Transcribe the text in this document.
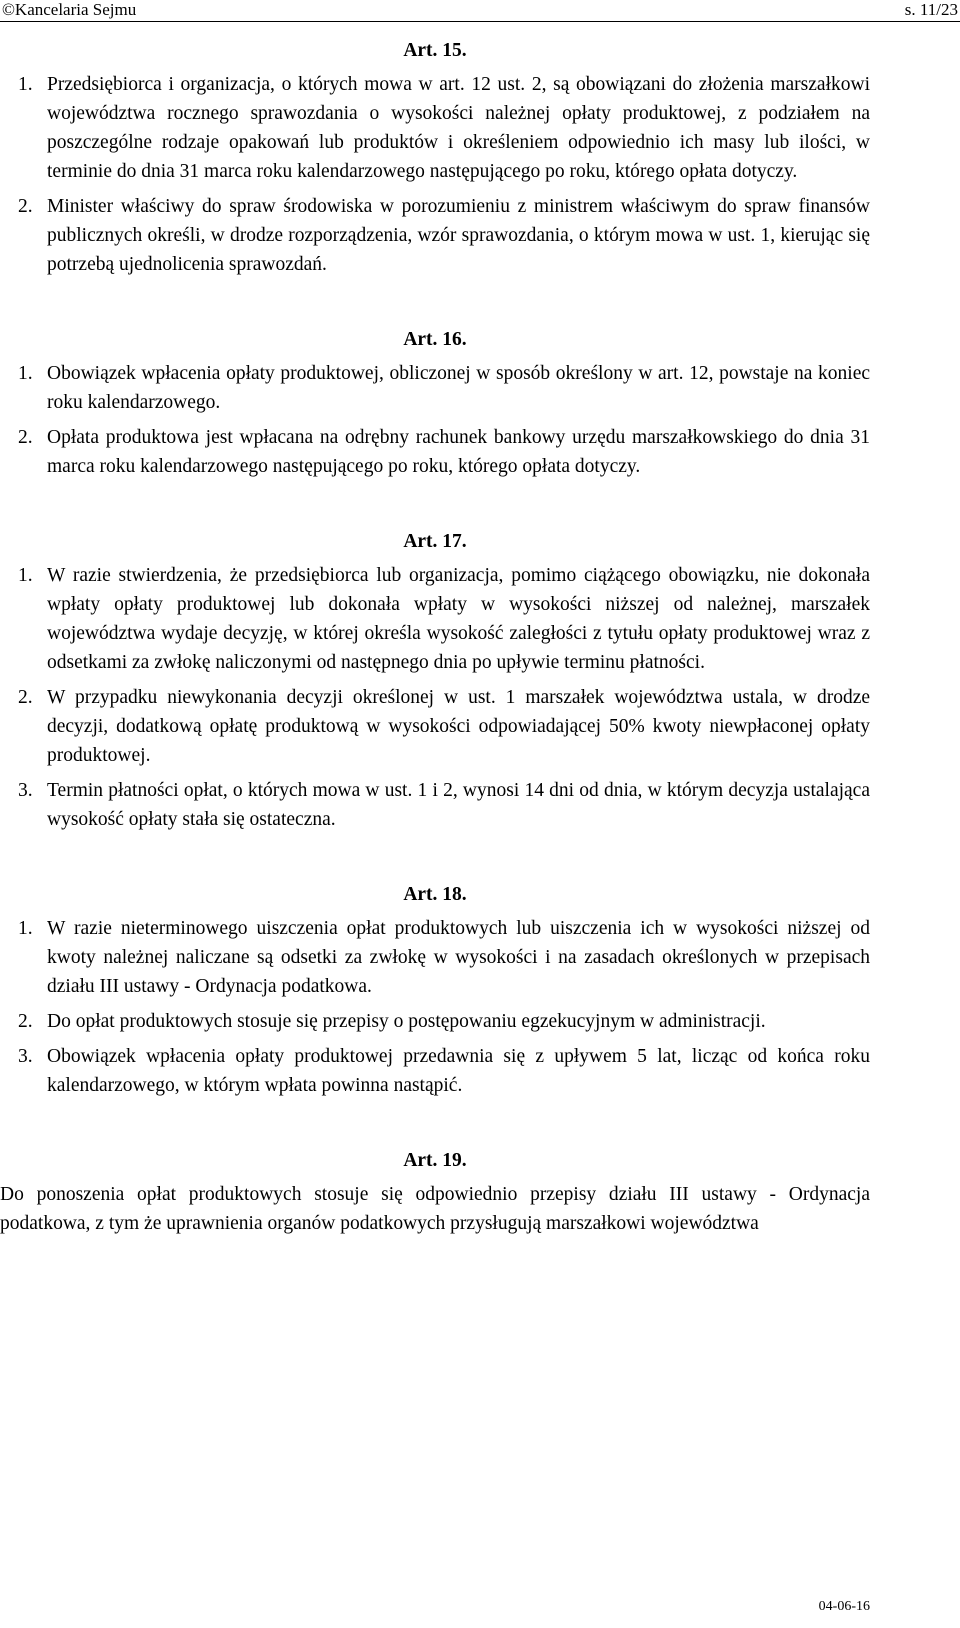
©Kancelaria Sejmu	s. 11/23
Art. 15.
1. Przedsiębiorca i organizacja, o których mowa w art. 12 ust. 2, są obowiązani do złożenia marszałkowi województwa rocznego sprawozdania o wysokości należnej opłaty produktowej, z podziałem na poszczególne rodzaje opakowań lub produktów i określeniem odpowiednio ich masy lub ilości, w terminie do dnia 31 marca roku kalendarzowego następującego po roku, którego opłata dotyczy.
2. Minister właściwy do spraw środowiska w porozumieniu z ministrem właściwym do spraw finansów publicznych określi, w drodze rozporządzenia, wzór sprawozdania, o którym mowa w ust. 1, kierując się potrzebą ujednolicenia sprawozdań.
Art. 16.
1. Obowiązek wpłacenia opłaty produktowej, obliczonej w sposób określony w art. 12, powstaje na koniec roku kalendarzowego.
2. Opłata produktowa jest wpłacana na odrębny rachunek bankowy urzędu marszałkowskiego do dnia 31 marca roku kalendarzowego następującego po roku, którego opłata dotyczy.
Art. 17.
1. W razie stwierdzenia, że przedsiębiorca lub organizacja, pomimo ciążącego obowiązku, nie dokonała wpłaty opłaty produktowej lub dokonała wpłaty w wysokości niższej od należnej, marszałek województwa wydaje decyzję, w której określa wysokość zaległości z tytułu opłaty produktowej wraz z odsetkami za zwłokę naliczonymi od następnego dnia po upływie terminu płatności.
2. W przypadku niewykonania decyzji określonej w ust. 1 marszałek województwa ustala, w drodze decyzji, dodatkową opłatę produktową w wysokości odpowiadającej 50% kwoty niewpłaconej opłaty produktowej.
3. Termin płatności opłat, o których mowa w ust. 1 i 2, wynosi 14 dni od dnia, w którym decyzja ustalająca wysokość opłaty stała się ostateczna.
Art. 18.
1. W razie nieterminowego uiszczenia opłat produktowych lub uiszczenia ich w wysokości niższej od kwoty należnej naliczane są odsetki za zwłokę w wysokości i na zasadach określonych w przepisach działu III ustawy - Ordynacja podatkowa.
2. Do opłat produktowych stosuje się przepisy o postępowaniu egzekucyjnym w administracji.
3. Obowiązek wpłacenia opłaty produktowej przedawnia się z upływem 5 lat, licząc od końca roku kalendarzowego, w którym wpłata powinna nastąpić.
Art. 19.
Do ponoszenia opłat produktowych stosuje się odpowiednio przepisy działu III ustawy - Ordynacja podatkowa, z tym że uprawnienia organów podatkowych przysługują marszałkowi województwa
04-06-16
